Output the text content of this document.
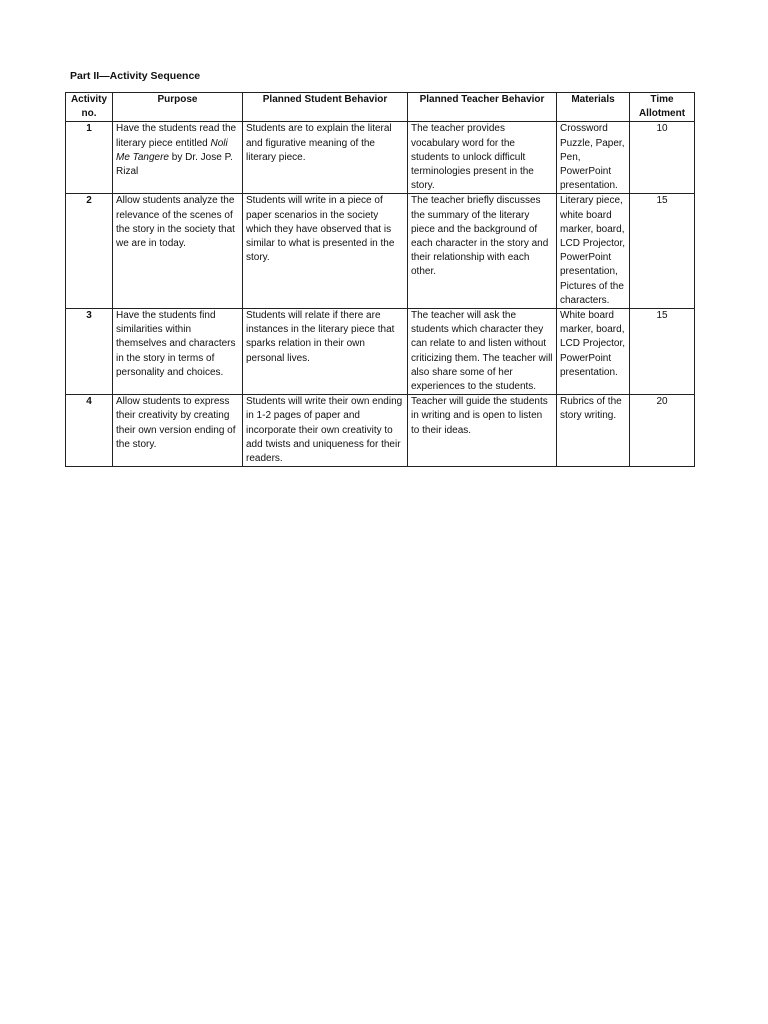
Part II—Activity Sequence
Activity no.	Purpose	Planned Student Behavior	Planned Teacher Behavior	Materials	Time Allotment
1	Have the students read the literary piece entitled Noli Me Tangere by Dr. Jose P. Rizal	Students are to explain the literal and figurative meaning of the literary piece.	The teacher provides vocabulary word for the students to unlock difficult terminologies present in the story.	Crossword Puzzle, Paper, Pen, PowerPoint presentation.	10
2	Allow students analyze the relevance of the scenes of the story in the society that we are in today.	Students will write in a piece of paper scenarios in the society which they have observed that is similar to what is presented in the story.	The teacher briefly discusses the summary of the literary piece and the background of each character in the story and their relationship with each other.	Literary piece, white board marker, board, LCD Projector, PowerPoint presentation, Pictures of the characters.	15
3	Have the students find similarities within themselves and characters in the story in terms of personality and choices.	Students will relate if there are instances in the literary piece that sparks relation in their own personal lives.	The teacher will ask the students which character they can relate to and listen without criticizing them. The teacher will also share some of her experiences to the students.	White board marker, board, LCD Projector, PowerPoint presentation.	15
4	Allow students to express their creativity by creating their own version ending of the story.	Students will write their own ending in 1-2 pages of paper and incorporate their own creativity to add twists and uniqueness for their readers.	Teacher will guide the students in writing and is open to listen to their ideas.	Rubrics of the story writing.	20
